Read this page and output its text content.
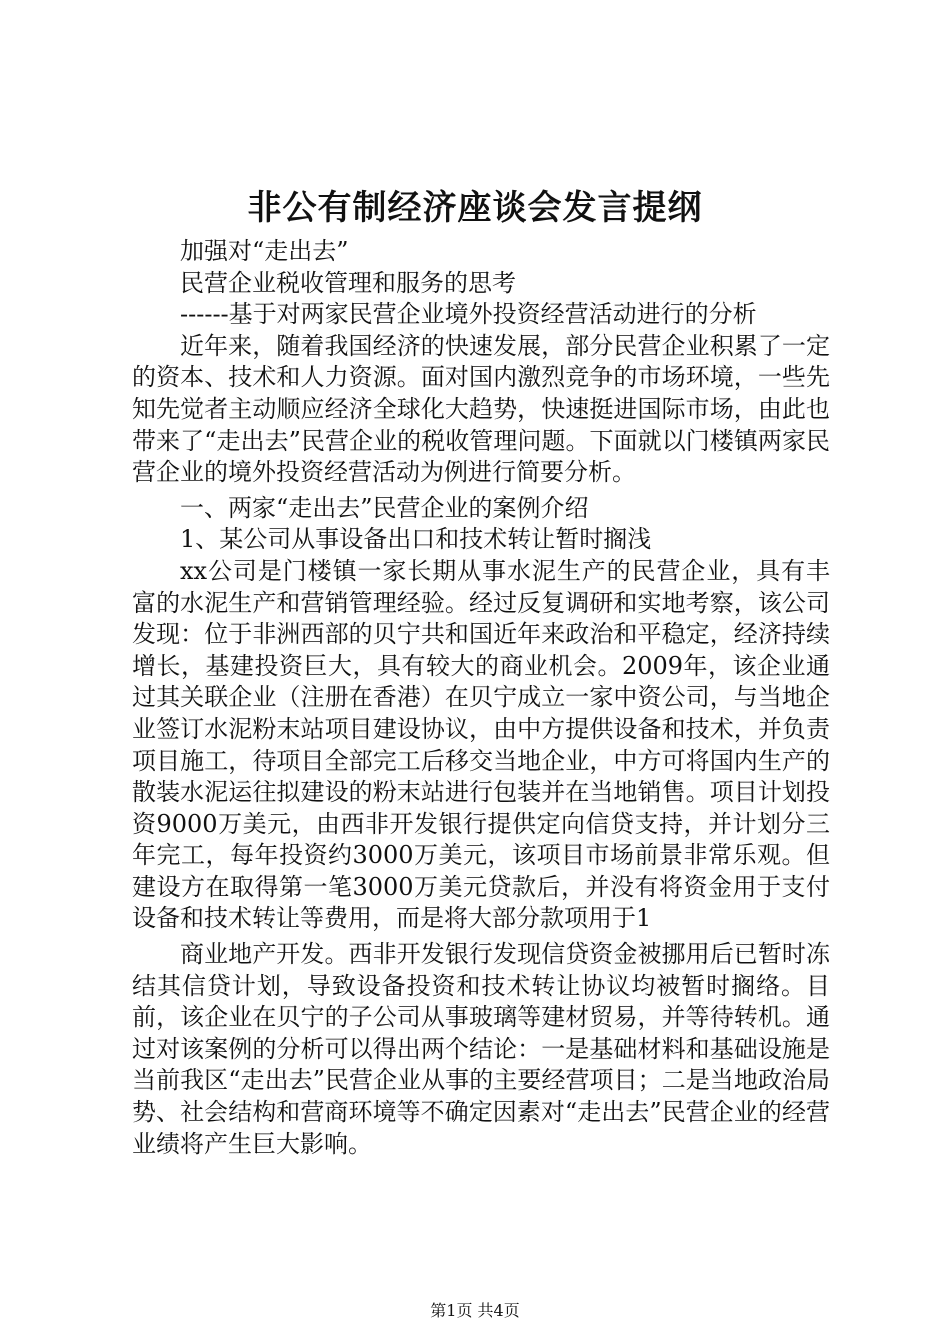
非公有制经济座谈会发言提纲

加强对“走出去”

民营企业税收管理和服务的思考

------基于对两家民营企业境外投资经营活动进行的分析

近年来，随着我国经济的快速发展，部分民营企业积累了一定的资本、技术和人力资源。面对国内激烈竞争的市场环境，一些先知先觉者主动顺应经济全球化大趋势，快速挺进国际市场，由此也带来了“走出去”民营企业的税收管理问题。下面就以门楼镇两家民营企业的境外投资经营活动为例进行简要分析。

一、两家“走出去”民营企业的案例介绍

1、某公司从事设备出口和技术转让暂时搁浅

xx公司是门楼镇一家长期从事水泥生产的民营企业，具有丰富的水泥生产和营销管理经验。经过反复调研和实地考察，该公司发现：位于非洲西部的贝宁共和国近年来政治和平稳定，经济持续增长，基建投资巨大，具有较大的商业机会。2009年，该企业通过其关联企业（注册在香港）在贝宁成立一家中资公司，与当地企业签订水泥粉末站项目建设协议，由中方提供设备和技术，并负责项目施工，待项目全部完工后移交当地企业，中方可将国内生产的散装水泥运往拟建设的粉末站进行包装并在当地销售。项目计划投资9000万美元，由西非开发银行提供定向信贷支持，并计划分三年完工，每年投资约3000万美元，该项目市场前景非常乐观。但建设方在取得第一笔3000万美元贷款后，并没有将资金用于支付设备和技术转让等费用，而是将大部分款项用于1

商业地产开发。西非开发银行发现信贷资金被挪用后已暂时冻结其信贷计划，导致设备投资和技术转让协议均被暂时搁络。目前，该企业在贝宁的子公司从事玻璃等建材贸易，并等待转机。通过对该案例的分析可以得出两个结论：一是基础材料和基础设施是当前我区“走出去”民营企业从事的主要经营项目；二是当地政治局势、社会结构和营商环境等不确定因素对“走出去”民营企业的经营业绩将产生巨大影响。

第1页 共4页
